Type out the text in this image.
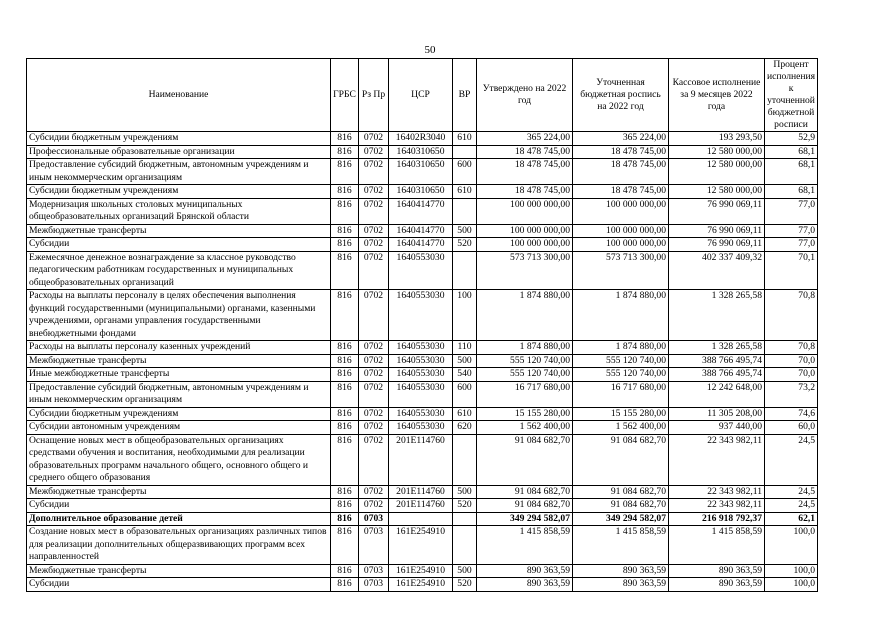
50
Наименование	ГРБС	Рз Пр	ЦСР	ВР	Утверждено на 2022 год	Уточненная бюджетная роспись на 2022 год	Кассовое исполнение за 9 месяцев 2022 года	Процент исполнения к уточненной бюджетной росписи
Субсидии бюджетным учреждениям	816	0702	16402R3040	610	365 224,00	365 224,00	193 293,50	52,9
Профессиональные образовательные организации	816	0702	1640310650		18 478 745,00	18 478 745,00	12 580 000,00	68,1
Предоставление субсидий бюджетным, автономным учреждениям и иным некоммерческим организациям	816	0702	1640310650	600	18 478 745,00	18 478 745,00	12 580 000,00	68,1
Субсидии бюджетным учреждениям	816	0702	1640310650	610	18 478 745,00	18 478 745,00	12 580 000,00	68,1
Модернизация школьных столовых муниципальных общеобразовательных организаций Брянской области	816	0702	1640414770		100 000 000,00	100 000 000,00	76 990 069,11	77,0
Межбюджетные трансферты	816	0702	1640414770	500	100 000 000,00	100 000 000,00	76 990 069,11	77,0
Субсидии	816	0702	1640414770	520	100 000 000,00	100 000 000,00	76 990 069,11	77,0
Ежемесячное денежное вознаграждение за классное руководство педагогическим работникам государственных и муниципальных общеобразовательных организаций	816	0702	1640553030		573 713 300,00	573 713 300,00	402 337 409,32	70,1
Расходы на выплаты персоналу в целях обеспечения выполнения функций государственными (муниципальными) органами, казенными учреждениями, органами управления государственными внебюджетными фондами	816	0702	1640553030	100	1 874 880,00	1 874 880,00	1 328 265,58	70,8
Расходы на выплаты персоналу казенных учреждений	816	0702	1640553030	110	1 874 880,00	1 874 880,00	1 328 265,58	70,8
Межбюджетные трансферты	816	0702	1640553030	500	555 120 740,00	555 120 740,00	388 766 495,74	70,0
Иные межбюджетные трансферты	816	0702	1640553030	540	555 120 740,00	555 120 740,00	388 766 495,74	70,0
Предоставление субсидий бюджетным, автономным учреждениям и иным некоммерческим организациям	816	0702	1640553030	600	16 717 680,00	16 717 680,00	12 242 648,00	73,2
Субсидии бюджетным учреждениям	816	0702	1640553030	610	15 155 280,00	15 155 280,00	11 305 208,00	74,6
Субсидии автономным учреждениям	816	0702	1640553030	620	1 562 400,00	1 562 400,00	937 440,00	60,0
Оснащение новых мест в общеобразовательных организациях средствами обучения и воспитания, необходимыми для реализации образовательных программ начального общего, основного общего и среднего общего образования	816	0702	201E114760		91 084 682,70	91 084 682,70	22 343 982,11	24,5
Межбюджетные трансферты	816	0702	201E114760	500	91 084 682,70	91 084 682,70	22 343 982,11	24,5
Субсидии	816	0702	201E114760	520	91 084 682,70	91 084 682,70	22 343 982,11	24,5
Дополнительное образование детей	816	0703			349 294 582,07	349 294 582,07	216 918 792,37	62,1
Создание новых мест в образовательных организациях различных типов для реализации дополнительных общеразвивающих программ всех направленностей	816	0703	161E254910		1 415 858,59	1 415 858,59	1 415 858,59	100,0
Межбюджетные трансферты	816	0703	161E254910	500	890 363,59	890 363,59	890 363,59	100,0
Субсидии	816	0703	161E254910	520	890 363,59	890 363,59	890 363,59	100,0
